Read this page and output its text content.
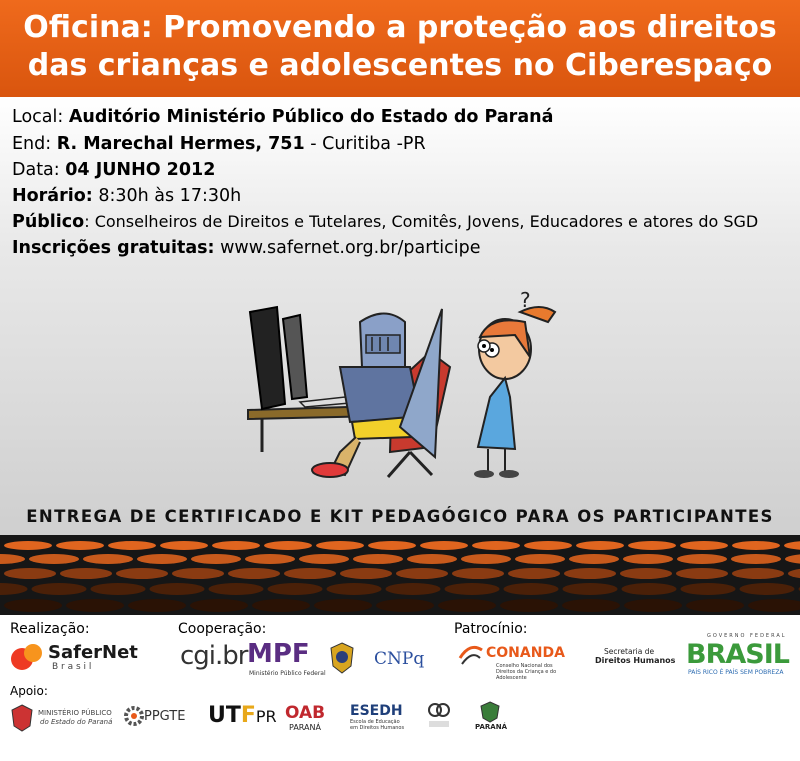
Oficina: Promovendo a proteção aos direitos
das crianças e adolescentes no Ciberespaço
Local: Auditório Ministério Público do Estado do Paraná
End: R. Marechal Hermes, 751 - Curitiba -PR
Data: 04 JUNHO 2012
Horário: 8:30h às 17:30h
Público: Conselheiros de Direitos e Tutelares, Comitês, Jovens, Educadores e atores do SGD
Inscrições gratuitas: www.safernet.org.br/participe
?
ENTREGA DE CERTIFICADO E KIT PEDAGÓGICO PARA OS PARTICIPANTES
Realização:	Cooperação:	Patrocínio:
Apoio:
SaferNet
B r a s i l	cgi.br MPF
Ministério Público Federal
CNPq	CONANDA
Conselho Nacional dos Direitos da Criança e do Adolescente
Secretaria de
Direitos Humanos
GOVERNO FEDERAL
BRASIL
PAÍS RICO É PAÍS SEM POBREZA
MINISTÉRIO PÚBLICO
do Estado do Paraná PPGTE UTFPR OAB
PARANÁ
ESEDH
Escola de Educação
em Direitos Humanos	PARANÁ
